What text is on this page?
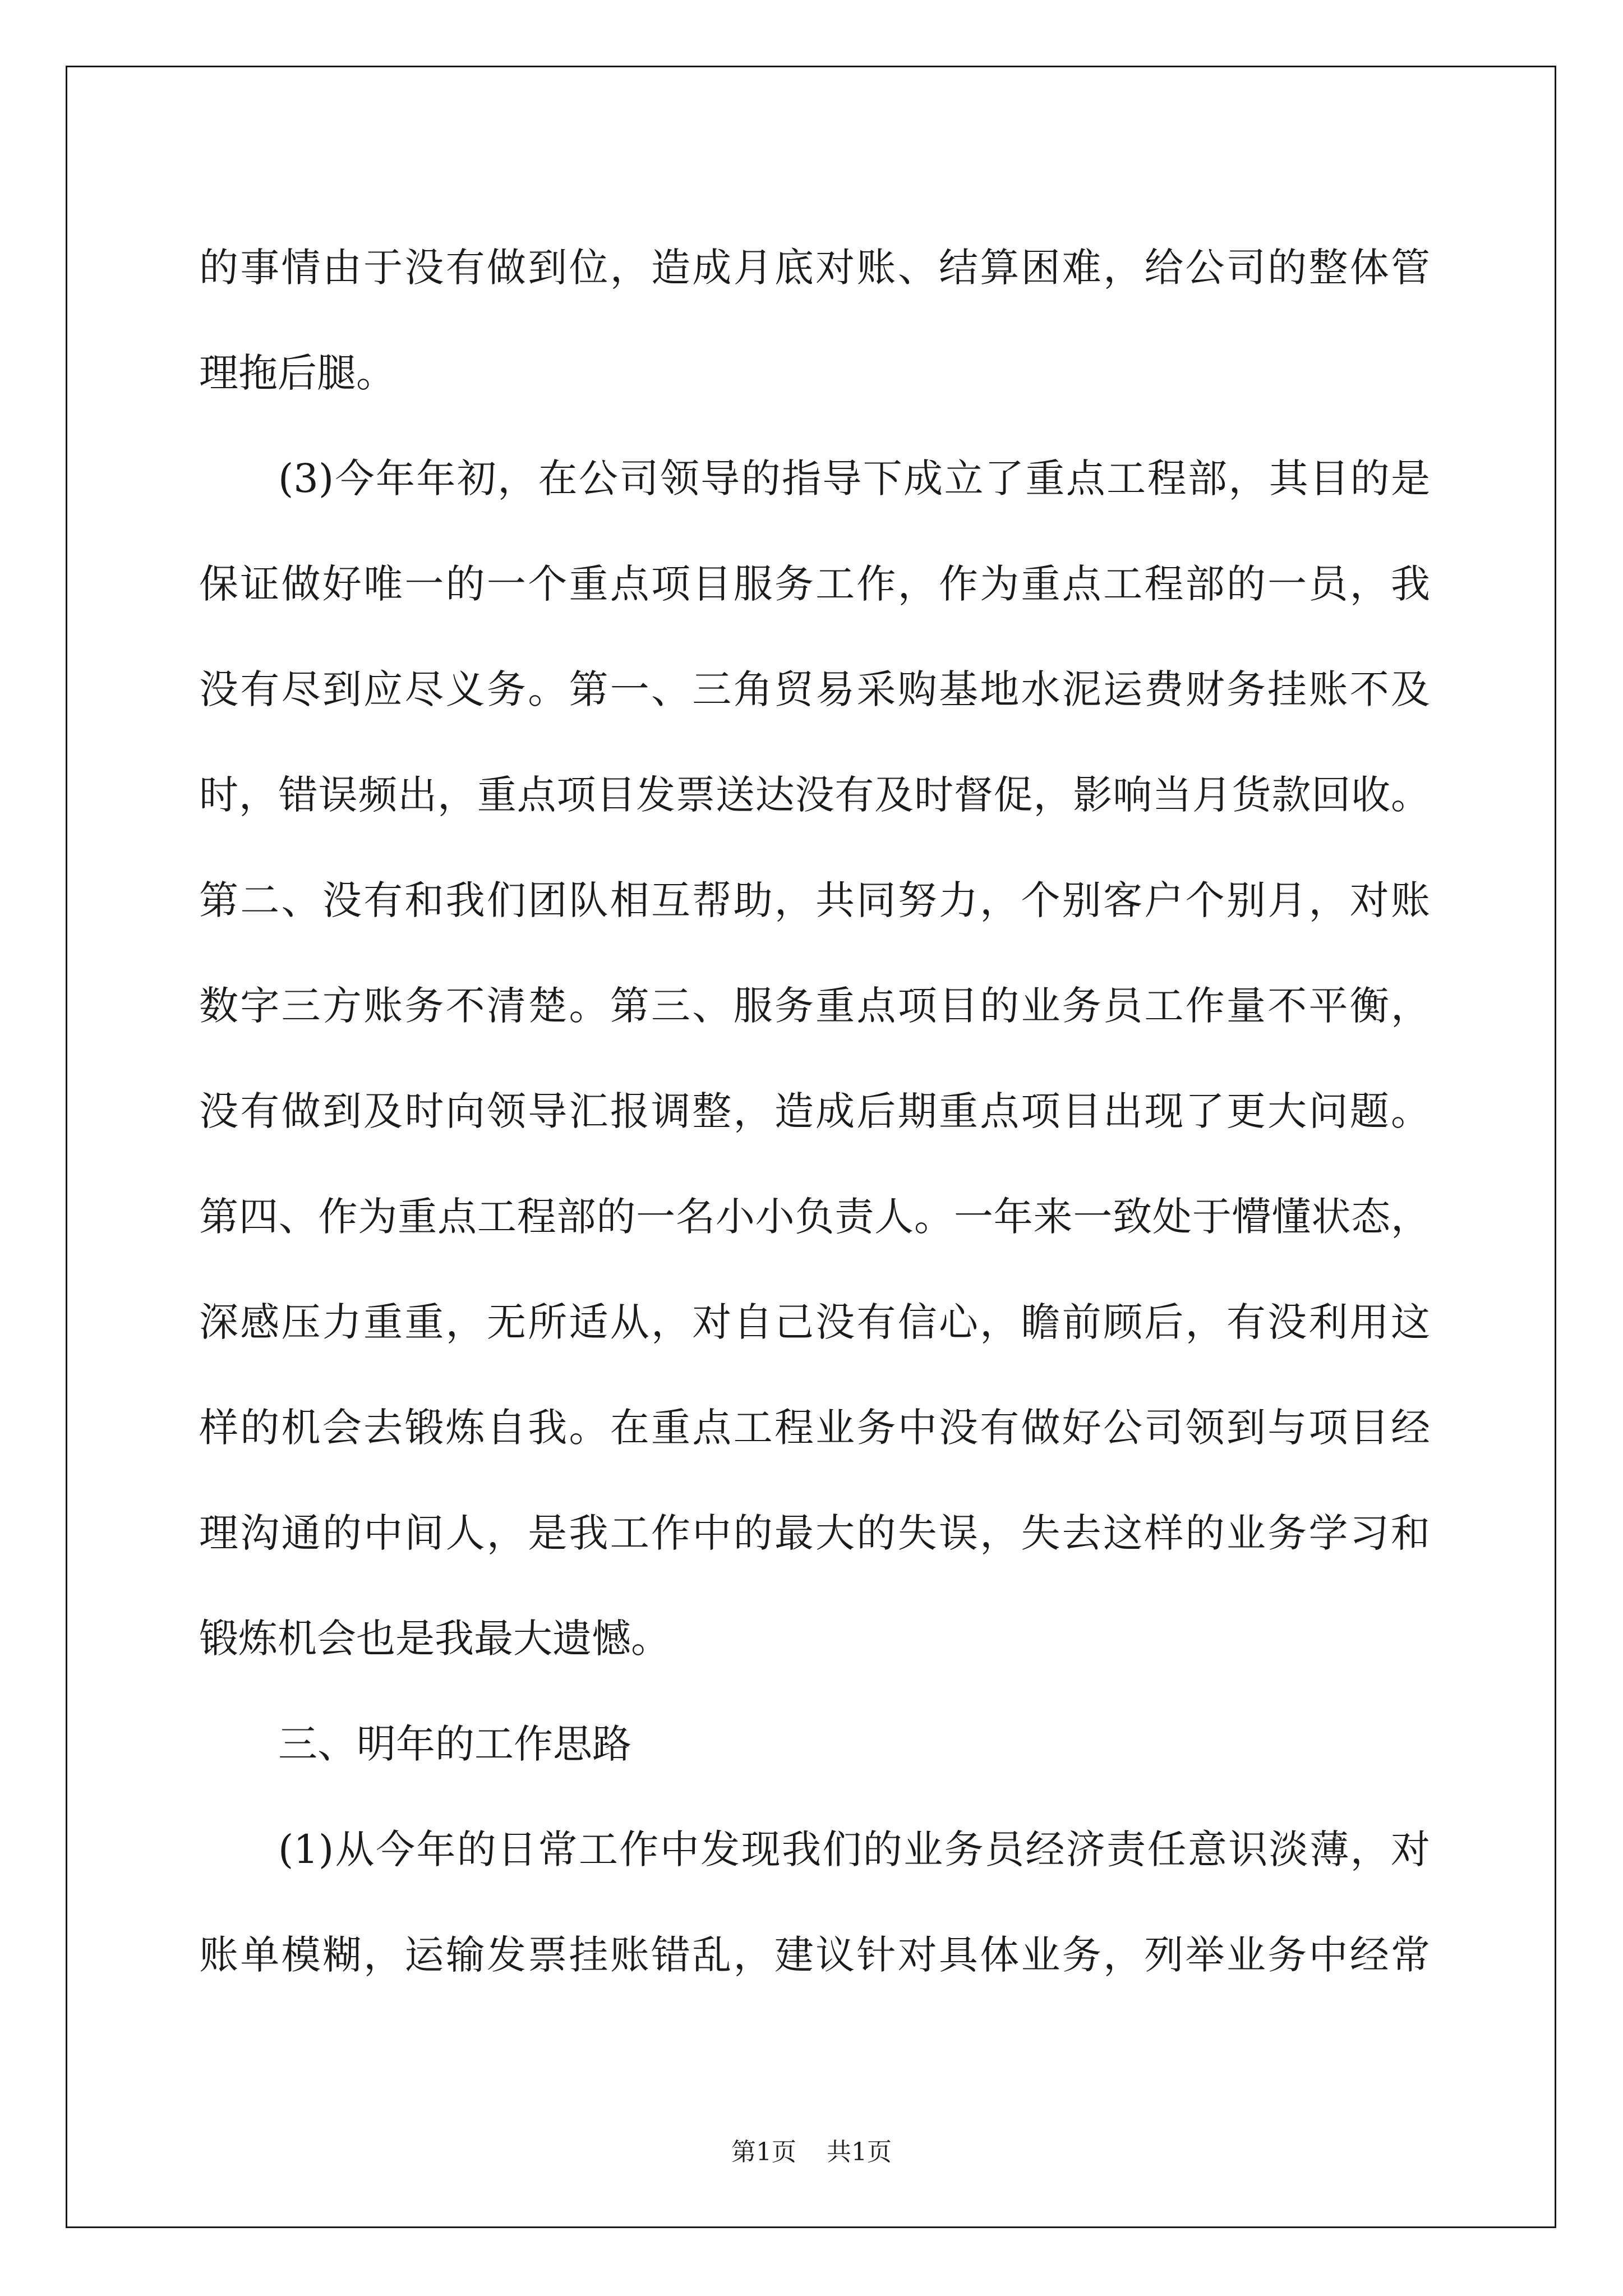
的事情由于没有做到位，造成月底对账、结算困难，给公司的整体管
理拖后腿。
(3)今年年初，在公司领导的指导下成立了重点工程部，其目的是
保证做好唯一的一个重点项目服务工作，作为重点工程部的一员，我
没有尽到应尽义务。第一、三角贸易采购基地水泥运费财务挂账不及
时，错误频出，重点项目发票送达没有及时督促，影响当月货款回收。
第二、没有和我们团队相互帮助，共同努力，个别客户个别月，对账
数字三方账务不清楚。第三、服务重点项目的业务员工作量不平衡，
没有做到及时向领导汇报调整，造成后期重点项目出现了更大问题。
第四、作为重点工程部的一名小小负责人。一年来一致处于懵懂状态，
深感压力重重，无所适从，对自己没有信心，瞻前顾后，有没利用这
样的机会去锻炼自我。在重点工程业务中没有做好公司领到与项目经
理沟通的中间人，是我工作中的最大的失误，失去这样的业务学习和
锻炼机会也是我最大遗憾。
三、明年的工作思路
(1)从今年的日常工作中发现我们的业务员经济责任意识淡薄，对
账单模糊，运输发票挂账错乱，建议针对具体业务，列举业务中经常
第1页 共1页
